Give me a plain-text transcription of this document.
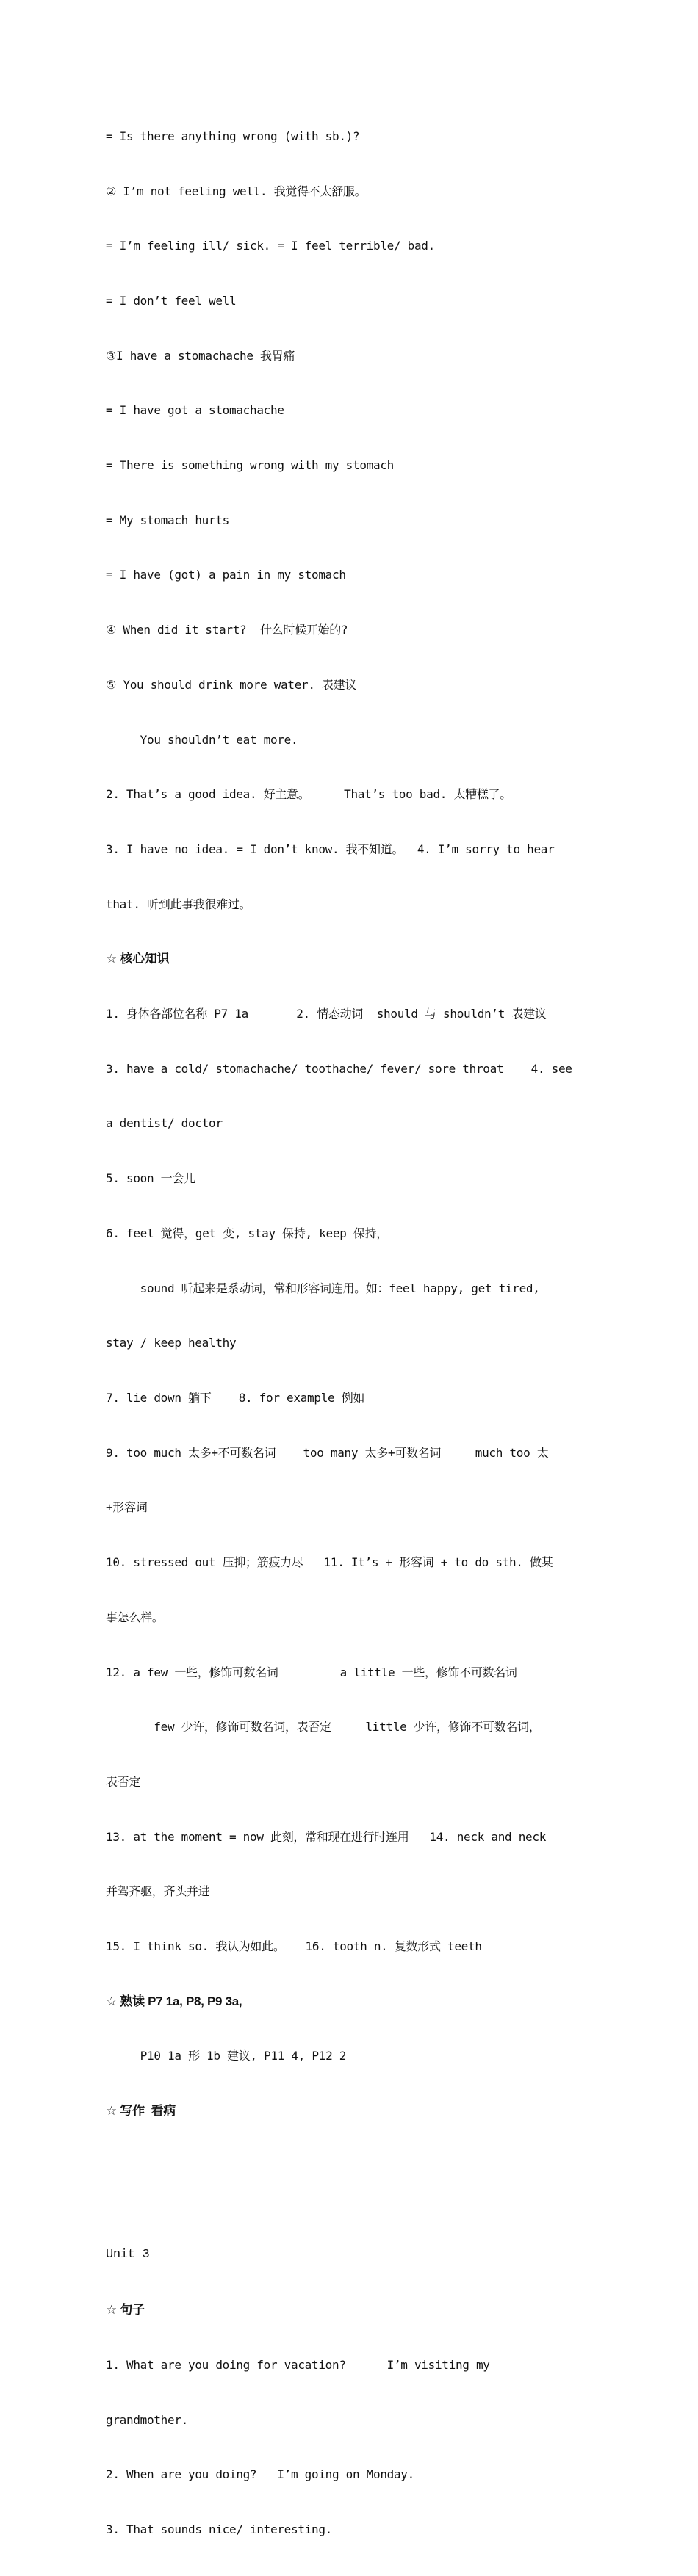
= Is there anything wrong (with sb.)?

② I’m not feeling well. 我觉得不太舒服。

= I’m feeling ill/ sick. = I feel terrible/ bad.

= I don’t feel well

③I have a stomachache 我胃痛

= I have got a stomachache

= There is something wrong with my stomach

= My stomach hurts

= I have (got) a pain in my stomach

④ When did it start?  什么时候开始的?

⑤ You should drink more water. 表建议

You shouldn’t eat more.

2. That’s a good idea. 好主意。     That’s too bad. 太糟糕了。

3. I have no idea. = I don’t know. 我不知道。  4. I’m sorry to hear

that. 听到此事我很难过。

☆ 核心知识

1. 身体各部位名称 P7 1a       2. 情态动词  should 与 shouldn’t 表建议

3. have a cold/ stomachache/ toothache/ fever/ sore throat    4. see

a dentist/ doctor

5. soon 一会儿

6. feel 觉得，get 变, stay 保持, keep 保持，

sound 听起来是系动词，常和形容词连用。如：feel happy, get tired,

stay / keep healthy

7. lie down 躺下    8. for example 例如

9. too much 太多+不可数名词    too many 太多+可数名词     much too 太

+形容词

10. stressed out 压抑；筋疲力尽   11. It’s + 形容词 + to do sth. 做某

事怎么样。

12. a few 一些，修饰可数名词         a little 一些，修饰不可数名词

few 少许，修饰可数名词，表否定     little 少许，修饰不可数名词，

表否定

13. at the moment = now 此刻，常和现在进行时连用   14. neck and neck

并驾齐驱，齐头并进

15. I think so. 我认为如此。   16. tooth n. 复数形式 teeth

☆ 熟读 P7 1a, P8, P9 3a,

P10 1a 形 1b 建议, P11 4, P12 2

☆ 写作  看病

Unit 3

☆ 句子

1. What are you doing for vacation?      I’m visiting my

grandmother.

2. When are you doing?   I’m going on Monday.

3. That sounds nice/ interesting.
